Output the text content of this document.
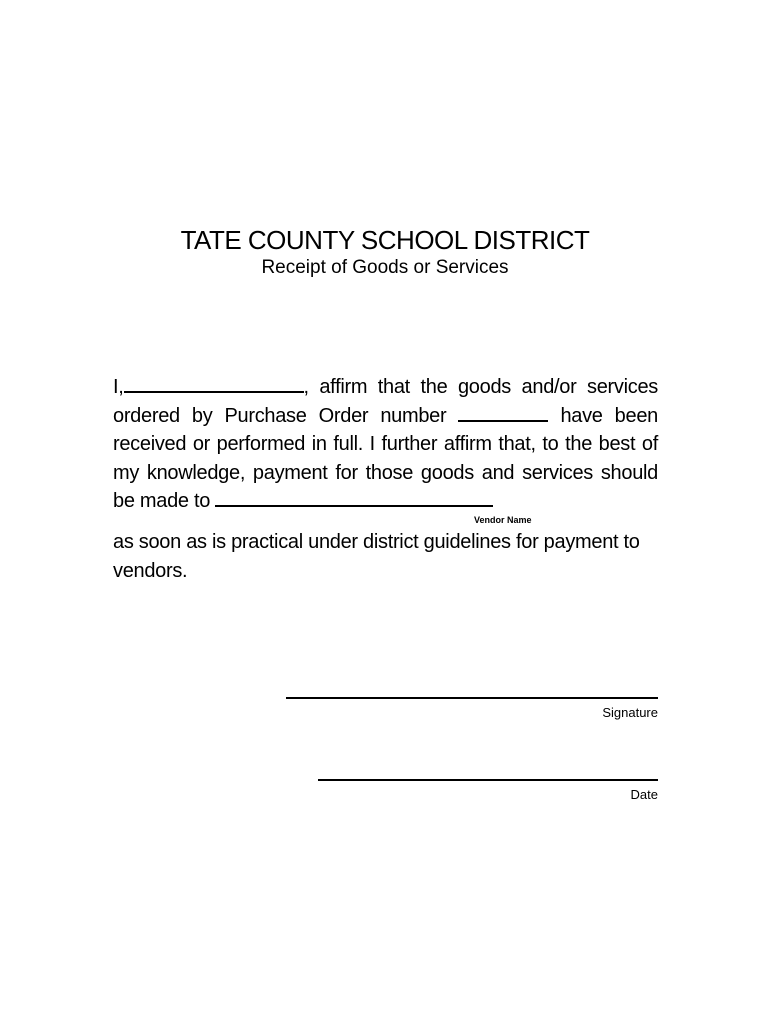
TATE COUNTY SCHOOL DISTRICT
Receipt of Goods or Services
I,	, affirm that the goods and/or services ordered by Purchase Order number	have been received or performed in full. I further affirm that, to the best of my knowledge, payment for those goods and services should be made to
Vendor Name
as soon as is practical under district guidelines for payment to vendors.
Signature
Date
